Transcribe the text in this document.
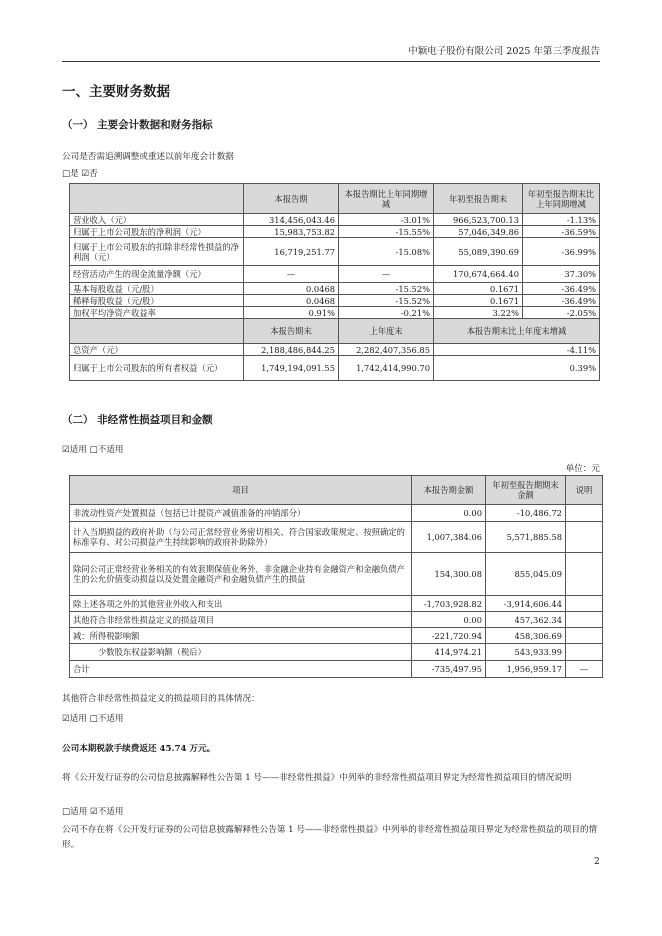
中颖电子股份有限公司 2025 年第三季度报告
一、主要财务数据
（一） 主要会计数据和财务指标
公司是否需追溯调整或重述以前年度会计数据
□是 ☑否
	本报告期	本报告期比上年同期增减	年初至报告期末	年初至报告期末比上年同期增减
营业收入（元）	314,456,043.46	-3.01%	966,523,700.13	-1.13%
归属于上市公司股东的净利润（元）	15,983,753.82	-15.55%	57,046,349.86	-36.59%
归属于上市公司股东的扣除非经常性损益的净利润（元）	16,719,251.77	-15.08%	55,089,390.69	-36.99%
经营活动产生的现金流量净额（元）	—	—	170,674,664.40	37.30%
基本每股收益（元/股）	0.0468	-15.52%	0.1671	-36.49%
稀释每股收益（元/股）	0.0468	-15.52%	0.1671	-36.49%
加权平均净资产收益率	0.91%	-0.21%	3.22%	-2.05%
	本报告期末	上年度末	本报告期末比上年度末增减	
总资产（元）	2,188,486,844.25	2,282,407,356.85	-4.11%	
归属于上市公司股东的所有者权益（元）	1,749,194,091.55	1,742,414,990.70	0.39%	
（二） 非经常性损益项目和金额
☑适用 □不适用
单位：元
项目	本报告期金额	年初至报告期期末金额	说明
非流动性资产处置损益（包括已计提资产减值准备的冲销部分）	0.00	-10,486.72	
计入当期损益的政府补助（与公司正常经营业务密切相关、符合国家政策规定、按照确定的标准享有、对公司损益产生持续影响的政府补助除外）	1,007,384.06	5,571,885.58	
除同公司正常经营业务相关的有效套期保值业务外，非金融企业持有金融资产和金融负债产生的公允价值变动损益以及处置金融资产和金融负债产生的损益	154,300.08	855,045.09	
除上述各项之外的其他营业外收入和支出	-1,703,928.82	-3,914,606.44	
其他符合非经常性损益定义的损益项目	0.00	457,362.34	
减：所得税影响额	-221,720.94	458,306.69	
少数股东权益影响额（税后）	414,974.21	543,933.99	
合计	-735,497.95	1,956,959.17	—
其他符合非经常性损益定义的损益项目的具体情况：
☑适用 □不适用
公司本期税款手续费返还 45.74 万元。
将《公开发行证券的公司信息披露解释性公告第 1 号——非经常性损益》中列举的非经常性损益项目界定为经常性损益项目的情况说明
□适用 ☑不适用
公司不存在将《公开发行证券的公司信息披露解释性公告第 1 号——非经常性损益》中列举的非经常性损益项目界定为经常性损益的项目的情形。
2
